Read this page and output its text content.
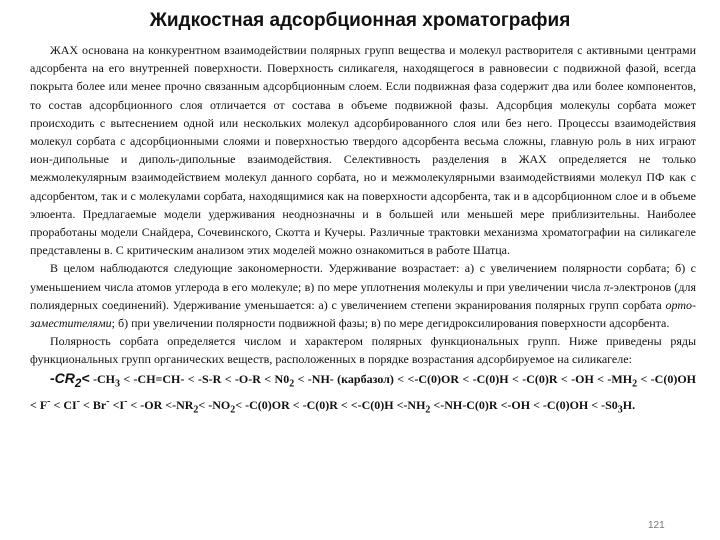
Жидкостная адсорбционная хроматография

ЖАХ основана на конкурентном взаимодействии полярных групп вещества и молекул растворителя с активными центрами адсорбента на его внутренней поверхности. Поверхность силикагеля, находящегося в равновесии с подвижной фазой, всегда покрыта более или менее прочно связанным адсорбционным слоем. Если подвижная фаза содержит два или более компонентов, то состав адсорбционного слоя отличается от состава в объеме подвижной фазы. Адсорбция молекулы сорбата может происходить с вытеснением одной или нескольких молекул адсорбированного слоя или без него. Процессы взаимодействия молекул сорбата с адсорбционными слоями и поверхностью твердого адсорбента весьма сложны, главную роль в них играют ион-дипольные и диполь-дипольные взаимодействия. Селективность разделения в ЖАХ определяется не только межмолекулярным взаимодействием молекул данного сорбата, но и межмолекулярными взаимодействиями молекул ПФ как с адсорбентом, так и с молекулами сорбата, находящимися как на поверхности адсорбента, так и в адсорбционном слое и в объеме элюента. Предлагаемые модели удерживания неоднозначны и в большей или меньшей мере приблизительны. Наиболее проработаны модели Снайдера, Сочевинского, Скотта и Кучеры. Различные трактовки механизма хроматографии на силикагеле представлены в. С критическим анализом этих моделей можно ознакомиться в работе Шатца.

В целом наблюдаются следующие закономерности. Удерживание возрастает: а) с увеличением полярности сорбата; б) с уменьшением числа атомов углерода в его молекуле; в) по мере уплотнения молекулы и при увеличении числа π-электронов (для полиядерных соединений). Удерживание уменьшается: а) с увеличением степени экранирования полярных групп сорбата орто-заместителями; б) при увеличении полярности подвижной фазы; в) по мере дегидроксилирования поверхности адсорбента.

Полярность сорбата определяется числом и характером полярных функциональных групп. Ниже приведены ряды функциональных групп органических веществ, расположенных в порядке возрастания адсорбируемое на силикагеле:

$-CR_2< -CH_3 < -CH=CH- < -S-R < -O-R < N0_2 < -NH-$ (карбазол) < $<-C(0)OR < -C(0)H < -C(0)R < -OH < -MH_2 < -C(0)OH < F^- < CI^- < Br^- <I^- < -OR <-NR_2< -NO_2< -C(0)OR < -C(0)R < <-C(0)H <-NH_2 <-NH-C(0)R <-OH < -C(0)OH < -S0_3H$.

121
